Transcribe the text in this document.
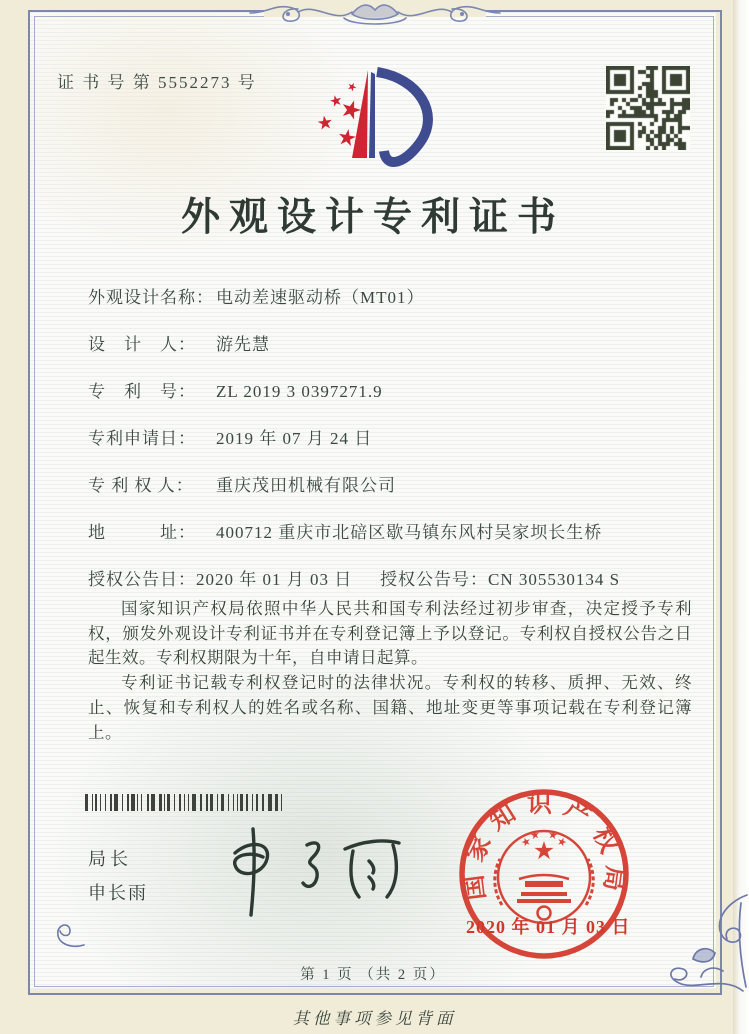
证 书 号 第 5552273 号
外观设计专利证书
外观设计名称： 电动差速驱动桥（MT01）
设　计　人： 游先慧
专　利　号： ZL 2019 3 0397271.9
专利申请日： 2019 年 07 月 24 日
专 利 权 人： 重庆茂田机械有限公司
地　　　址： 400712 重庆市北碚区歇马镇东风村吴家坝长生桥
授权公告日：2020 年 01 月 03 日	授权公告号：CN 305530134 S

国家知识产权局依照中华人民共和国专利法经过初步审查，决定授予专利权，颁发外观设计专利证书并在专利登记簿上予以登记。专利权自授权公告之日起生效。专利权期限为十年，自申请日起算。

专利证书记载专利权登记时的法律状况。专利权的转移、质押、无效、终止、恢复和专利权人的姓名或名称、国籍、地址变更等事项记载在专利登记簿上。

局长
申长雨	国家知识产权局
2020 年 01 月 03 日
第 1 页 （共 2 页）
其他事项参见背面
